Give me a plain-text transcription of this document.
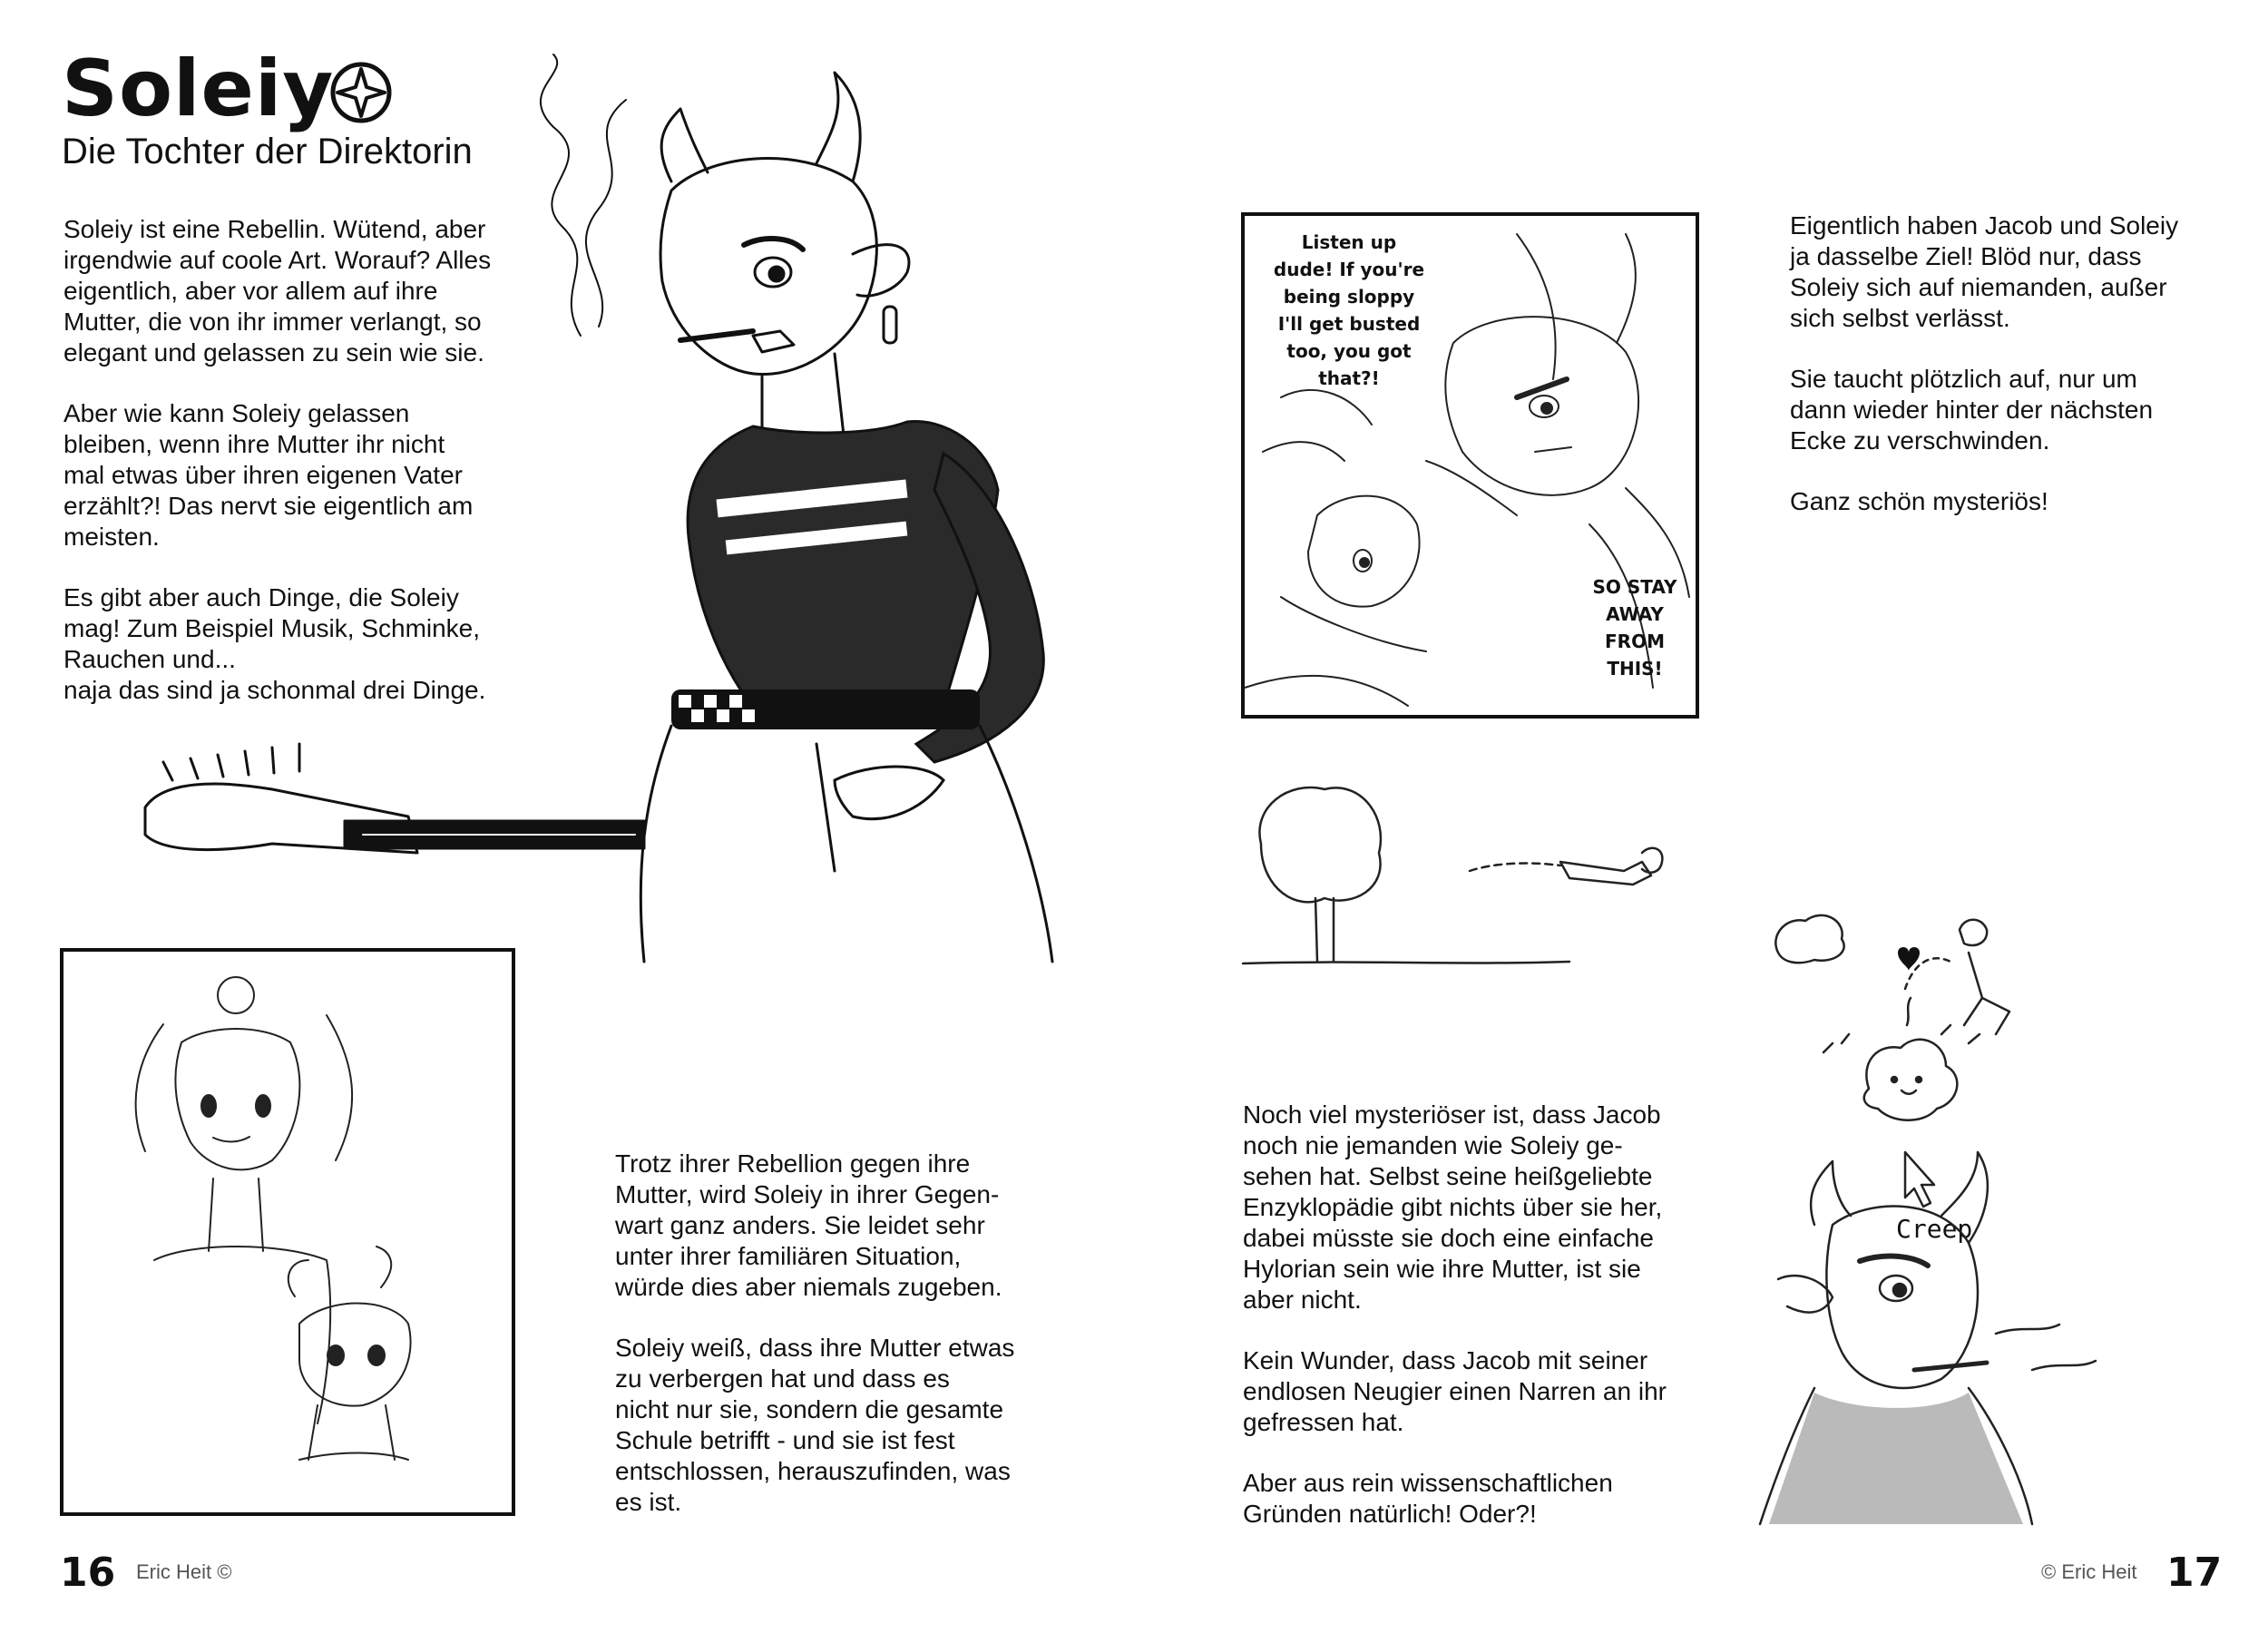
Soleiy
Die Tochter der Direktorin

Soleiy ist eine Rebellin. Wütend, aber
irgendwie auf coole Art. Worauf? Alles
eigentlich, aber vor allem auf ihre
Mutter, die von ihr immer verlangt, so
elegant und gelassen zu sein wie sie.

Aber wie kann Soleiy gelassen
bleiben, wenn ihre Mutter ihr nicht
mal etwas über ihren eigenen Vater
erzählt?! Das nervt sie eigentlich am
meisten.

Es gibt aber auch Dinge, die Soleiy
mag! Zum Beispiel Musik, Schminke,
Rauchen und...
naja das sind ja schonmal drei Dinge.

Trotz ihrer Rebellion gegen ihre
Mutter, wird Soleiy in ihrer Gegen-
wart ganz anders. Sie leidet sehr
unter ihrer familiären Situation,
würde dies aber niemals zugeben.

Soleiy weiß, dass ihre Mutter etwas
zu verbergen hat und dass es
nicht nur sie, sondern die gesamte
Schule betrifft - und sie ist fest
entschlossen, herauszufinden, was
es ist.

Listen up
dude! If you're
being sloppy
I'll get busted
too, you got
that?!
SO STAY
AWAY
FROM
THIS!

Eigentlich haben Jacob und Soleiy
ja dasselbe Ziel! Blöd nur, dass
Soleiy sich auf niemanden, außer
sich selbst verlässt.

Sie taucht plötzlich auf, nur um
dann wieder hinter der nächsten
Ecke zu verschwinden.

Ganz schön mysteriös!

Creep

Noch viel mysteriöser ist, dass Jacob
noch nie jemanden wie Soleiy ge-
sehen hat. Selbst seine heißgeliebte
Enzyklopädie gibt nichts über sie her,
dabei müsste sie doch eine einfache
Hylorian sein wie ihre Mutter, ist sie
aber nicht.

Kein Wunder, dass Jacob mit seiner
endlosen Neugier einen Narren an ihr
gefressen hat.

Aber aus rein wissenschaftlichen
Gründen natürlich! Oder?!

16 Eric Heit ©	© Eric Heit 17
